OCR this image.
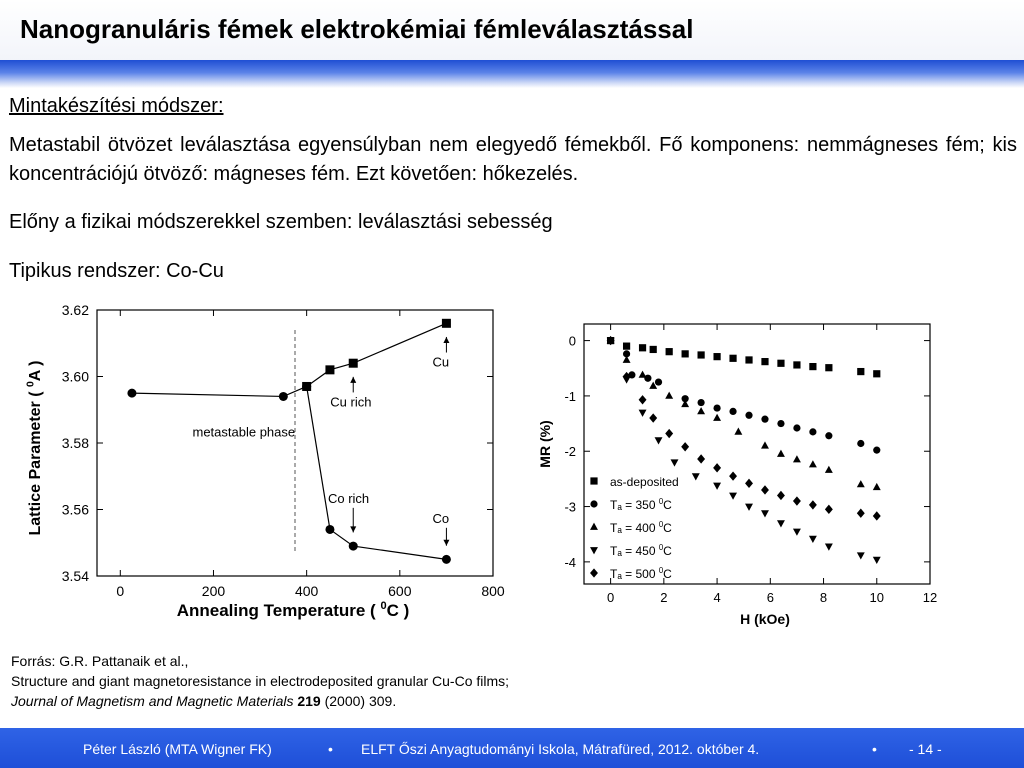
Nanogranuláris fémek elektrokémiai fémleválasztással
Mintakészítési módszer:
Metastabil ötvözet leválasztása egyensúlyban nem elegyedő fémekből. Fő komponens: nemmágneses fém; kis koncentrációjú ötvöző: mágneses fém. Ezt követően: hőkezelés.
Előny a fizikai módszerekkel szemben: leválasztási sebesség
Tipikus rendszer: Co-Cu
0	200	400	600	800
3.54
3.56
3.58
3.60
3.62
metastable phase
Cu
Cu rich
Co rich
Co
Annealing Temperature ( $^0$C )
Lattice Parameter ( $^0$A )
0	2	4	6	8	10	12
0
-1
-2
-3
-4
as-deposited
Tₐ = 350 $^0$C
Tₐ = 400 $^0$C
Tₐ = 450 $^0$C
Tₐ = 500 $^0$C
H (kOe)
MR (%)
Forrás: G.R. Pattanaik et al.,
Structure and giant magnetoresistance in electrodeposited granular Cu-Co films;
Journal of Magnetism and Magnetic Materials 219 (2000) 309.
Péter László (MTA Wigner FK)	• ELFT Őszi Anyagtudományi Iskola, Mátrafüred, 2012. október 4.	• - 14 -
